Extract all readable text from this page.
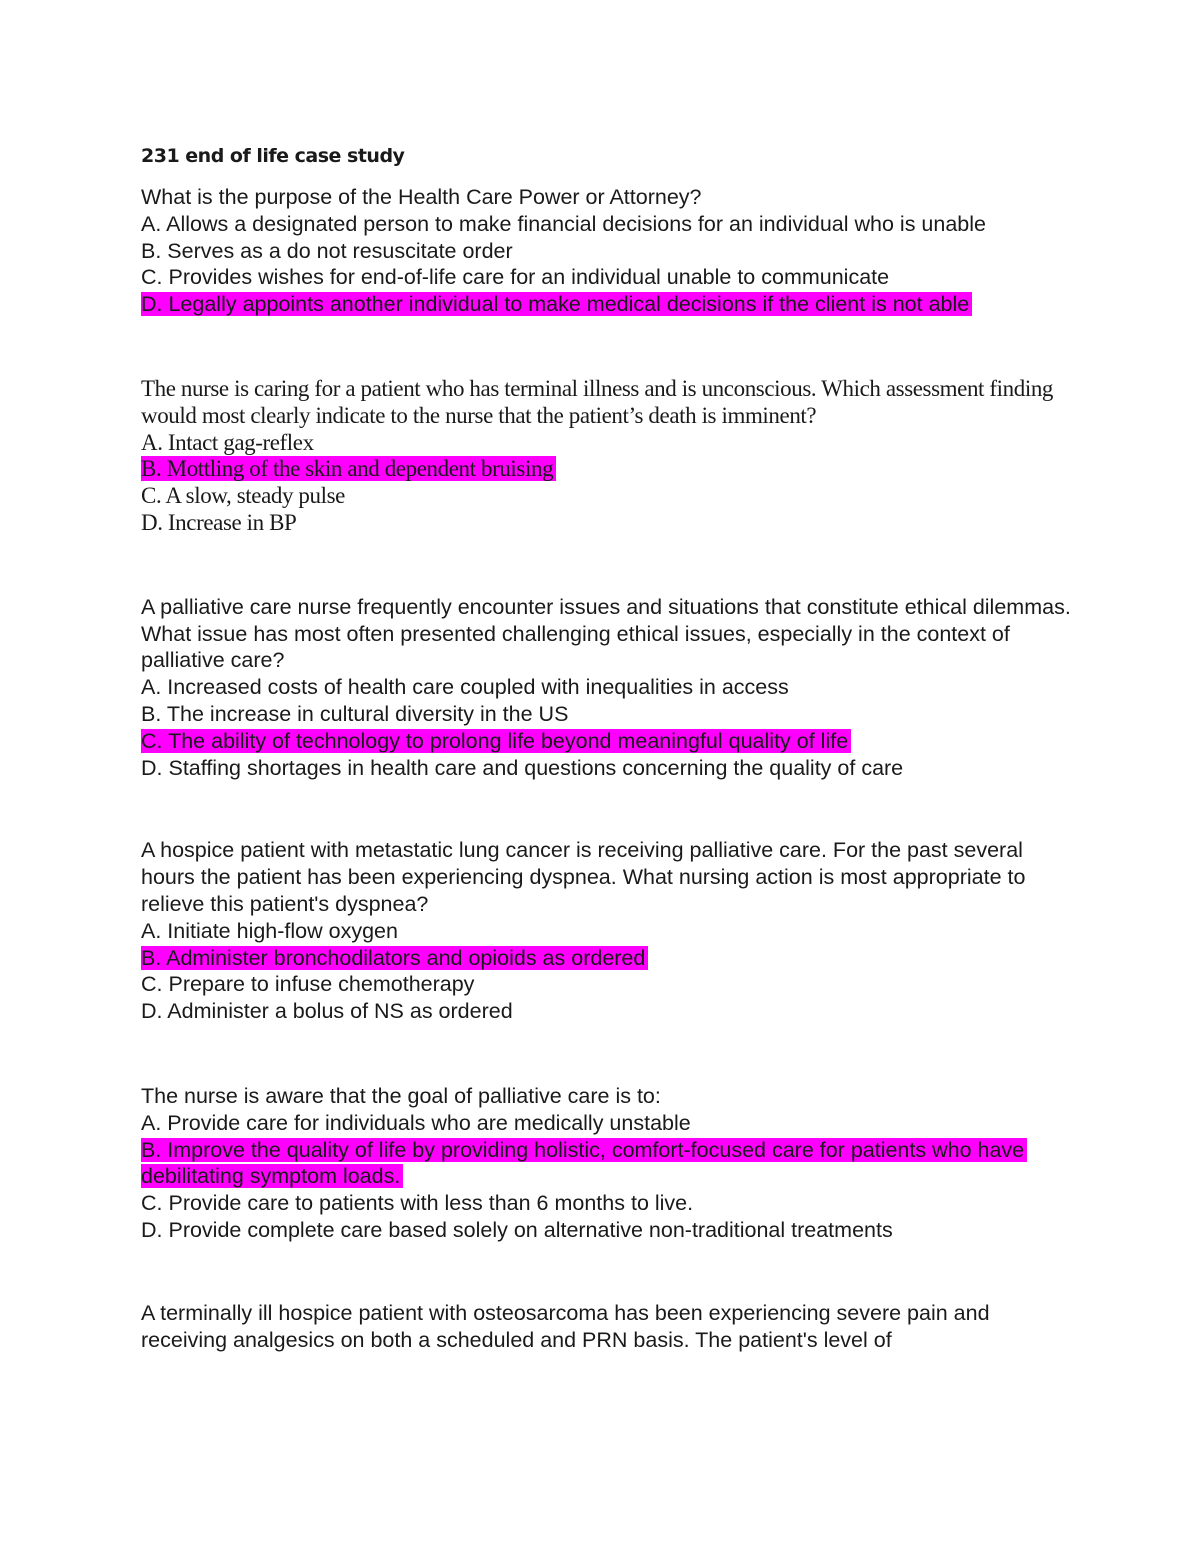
231 end of life case study

What is the purpose of the Health Care Power or Attorney?

A. Allows a designated person to make financial decisions for an individual who is unable

B. Serves as a do not resuscitate order

C. Provides wishes for end-of-life care for an individual unable to communicate

D. Legally appoints another individual to make medical decisions if the client is not able

The nurse is caring for a patient who has terminal illness and is unconscious. Which assessment finding would most clearly indicate to the nurse that the patient’s death is imminent?

A. Intact gag-reflex

B. Mottling of the skin and dependent bruising

C. A slow, steady pulse

D. Increase in BP

A palliative care nurse frequently encounter issues and situations that constitute ethical dilemmas. What issue has most often presented challenging ethical issues, especially in the context of palliative care?

A. Increased costs of health care coupled with inequalities in access

B. The increase in cultural diversity in the US

C. The ability of technology to prolong life beyond meaningful quality of life

D. Staffing shortages in health care and questions concerning the quality of care

A hospice patient with metastatic lung cancer is receiving palliative care. For the past several hours the patient has been experiencing dyspnea. What nursing action is most appropriate to relieve this patient's dyspnea?

A. Initiate high-flow oxygen

B. Administer bronchodilators and opioids as ordered

C. Prepare to infuse chemotherapy

D. Administer a bolus of NS as ordered

The nurse is aware that the goal of palliative care is to:

A. Provide care for individuals who are medically unstable

B. Improve the quality of life by providing holistic, comfort-focused care for patients who have debilitating symptom loads.

C. Provide care to patients with less than 6 months to live.

D. Provide complete care based solely on alternative non-traditional treatments

A terminally ill hospice patient with osteosarcoma has been experiencing severe pain and receiving analgesics on both a scheduled and PRN basis. The patient's level of
